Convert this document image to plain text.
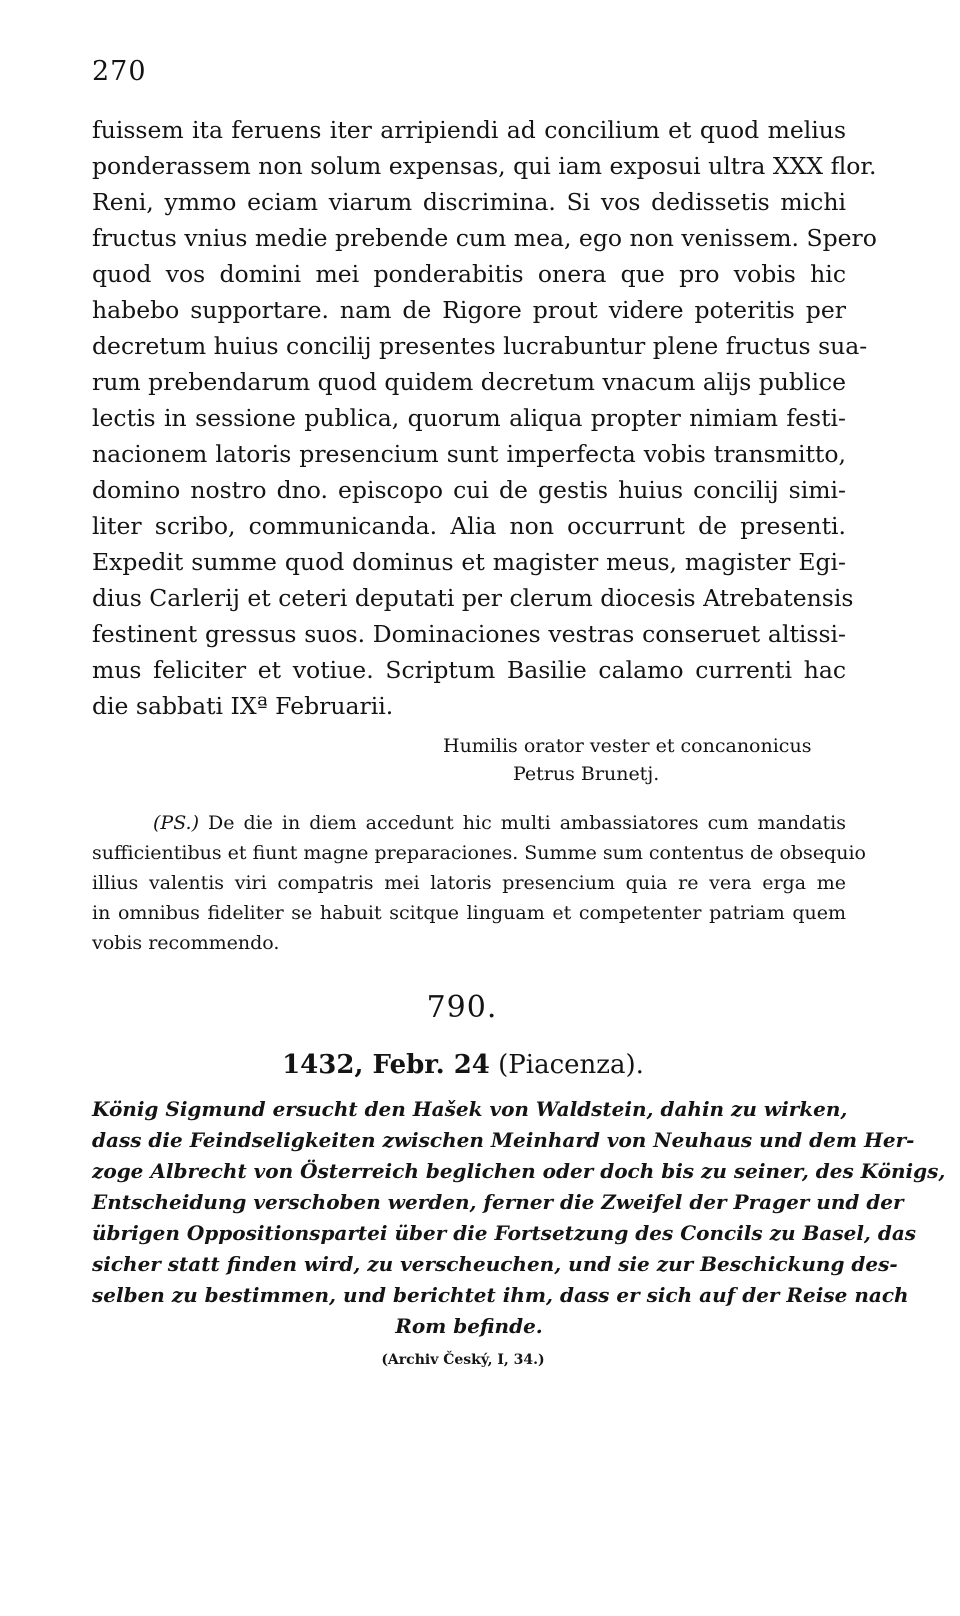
270

fuissem ita feruens iter arripiendi ad concilium et quod melius
ponderassem non solum expensas, qui iam exposui ultra XXX flor.
Reni, ymmo eciam viarum discrimina. Si vos dedissetis michi
fructus vnius medie prebende cum mea, ego non venissem. Spero
quod vos domini mei ponderabitis onera que pro vobis hic
habebo supportare. nam de Rigore prout videre poteritis per
decretum huius concilij presentes lucrabuntur plene fructus sua-
rum prebendarum quod quidem decretum vnacum alijs publice
lectis in sessione publica, quorum aliqua propter nimiam festi-
nacionem latoris presencium sunt imperfecta vobis transmitto,
domino nostro dno. episcopo cui de gestis huius concilij simi-
liter scribo, communicanda. Alia non occurrunt de presenti.
Expedit summe quod dominus et magister meus, magister Egi-
dius Carlerij et ceteri deputati per clerum diocesis Atrebatensis
festinent gressus suos. Dominaciones vestras conseruet altissi-
mus feliciter et votiue. Scriptum Basilie calamo currenti hac
die sabbati IXª Februarii.
Humilis orator vester et concanonicus
Petrus Brunetj.
(PS.) De die in diem accedunt hic multi ambassiatores cum mandatis
sufficientibus et fiunt magne preparaciones. Summe sum contentus de obsequio
illius valentis viri compatris mei latoris presencium quia re vera erga me
in omnibus fideliter se habuit scitque linguam et competenter patriam quem
vobis recommendo.

790.

1432, Febr. 24 (Piacenza).

König Sigmund ersucht den Hašek von Waldstein, dahin zu wirken,
dass die Feindseligkeiten zwischen Meinhard von Neuhaus und dem Her-
zoge Albrecht von Österreich beglichen oder doch bis zu seiner, des Königs,
Entscheidung verschoben werden, ferner die Zweifel der Prager und der
übrigen Oppositionspartei über die Fortsetzung des Concils zu Basel, das
sicher statt finden wird, zu verscheuchen, und sie zur Beschickung des-
selben zu bestimmen, und berichtet ihm, dass er sich auf der Reise nach
Rom befinde.

(Archiv Český, I, 34.)
